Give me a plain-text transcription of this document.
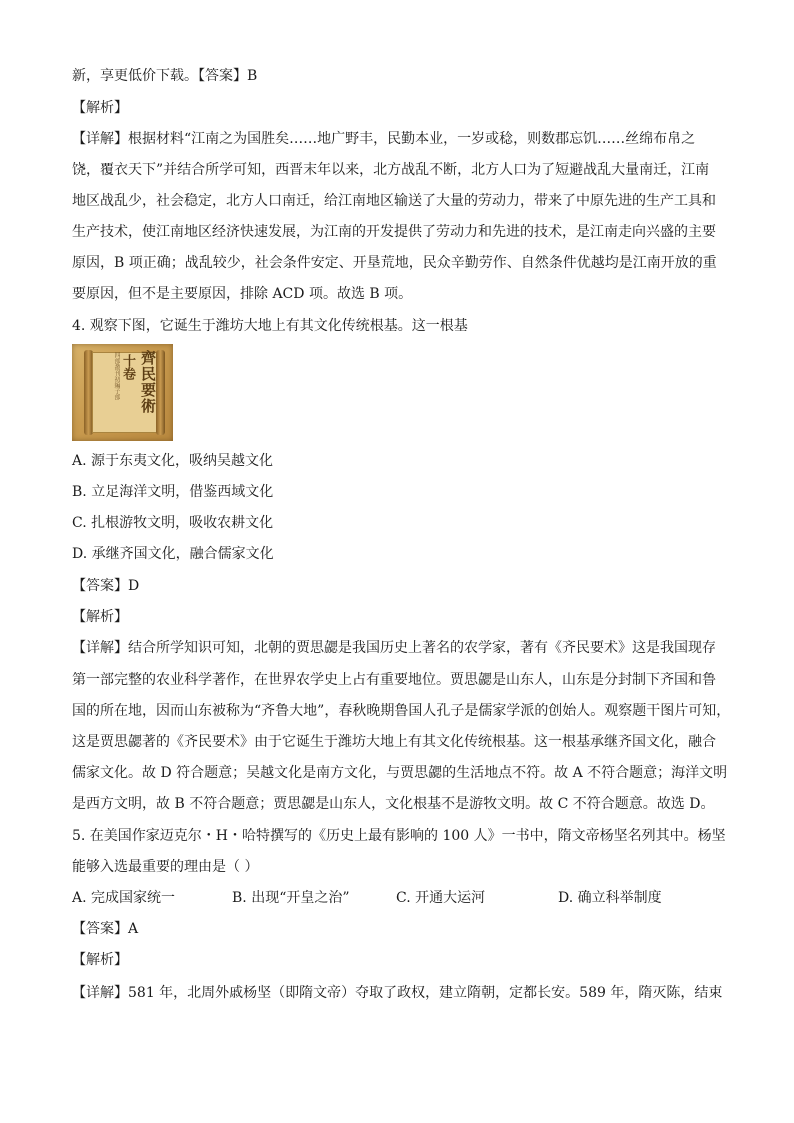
新，享更低价下载。【答案】B
【解析】
【详解】根据材料“江南之为国胜矣……地广野丰，民勤本业，一岁或稔，则数郡忘饥……丝绵布帛之
饶，覆衣天下”并结合所学可知，西晋末年以来，北方战乱不断，北方人口为了短避战乱大量南迁，江南
地区战乱少，社会稳定，北方人口南迁，给江南地区输送了大量的劳动力，带来了中原先进的生产工具和
生产技术，使江南地区经济快速发展，为江南的开发提供了劳动力和先进的技术，是江南走向兴盛的主要
原因，B 项正确；战乱较少，社会条件安定、开垦荒地，民众辛勤劳作、自然条件优越均是江南开放的重
要原因，但不是主要原因，排除 ACD 项。故选 B 项。
4. 观察下图，它诞生于潍坊大地上有其文化传统根基。这一根基
齊民要術
十卷
四部叢刊初編子部
A. 源于东夷文化，吸纳吴越文化
B. 立足海洋文明，借鉴西域文化
C. 扎根游牧文明，吸收农耕文化
D. 承继齐国文化，融合儒家文化
【答案】D
【解析】
【详解】结合所学知识可知，北朝的贾思勰是我国历史上著名的农学家，著有《齐民要术》这是我国现存
第一部完整的农业科学著作，在世界农学史上占有重要地位。贾思勰是山东人，山东是分封制下齐国和鲁
国的所在地，因而山东被称为“齐鲁大地”，春秋晚期鲁国人孔子是儒家学派的创始人。观察题干图片可知，
这是贾思勰著的《齐民要术》由于它诞生于潍坊大地上有其文化传统根基。这一根基承继齐国文化，融合
儒家文化。故 D 符合题意；吴越文化是南方文化，与贾思勰的生活地点不符。故 A 不符合题意；海洋文明
是西方文明，故 B 不符合题意；贾思勰是山东人，文化根基不是游牧文明。故 C 不符合题意。故选 D。
5. 在美国作家迈克尔・H・哈特撰写的《历史上最有影响的 100 人》一书中，隋文帝杨坚名列其中。杨坚
能够入选最重要的理由是（ ）
A. 完成国家统一	B. 出现“开皇之治”	C. 开通大运河	D. 确立科举制度
【答案】A
【解析】
【详解】581 年，北周外戚杨坚（即隋文帝）夺取了政权，建立隋朝，定都长安。589 年，隋灭陈，结束
